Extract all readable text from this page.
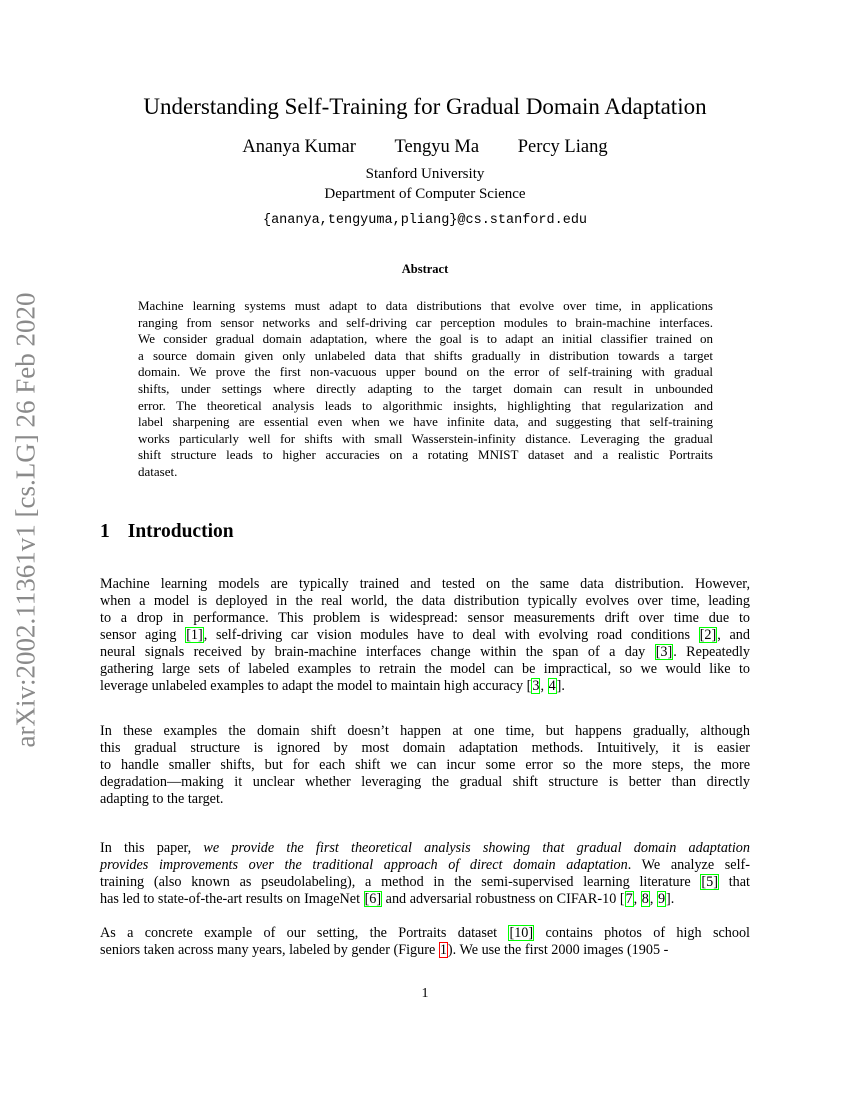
arXiv:2002.11361v1 [cs.LG] 26 Feb 2020
Understanding Self-Training for Gradual Domain Adaptation
Ananya Kumar Tengyu Ma Percy Liang
Stanford University
Department of Computer Science
{ananya,tengyuma,pliang}@cs.stanford.edu
Abstract
Machine learning systems must adapt to data distributions that evolve over time, in applications
ranging from sensor networks and self-driving car perception modules to brain-machine interfaces.
We consider gradual domain adaptation, where the goal is to adapt an initial classifier trained on
a source domain given only unlabeled data that shifts gradually in distribution towards a target
domain. We prove the first non-vacuous upper bound on the error of self-training with gradual
shifts, under settings where directly adapting to the target domain can result in unbounded
error. The theoretical analysis leads to algorithmic insights, highlighting that regularization and
label sharpening are essential even when we have infinite data, and suggesting that self-training
works particularly well for shifts with small Wasserstein-infinity distance. Leveraging the gradual
shift structure leads to higher accuracies on a rotating MNIST dataset and a realistic Portraits
dataset.
1 Introduction
Machine learning models are typically trained and tested on the same data distribution. However,
when a model is deployed in the real world, the data distribution typically evolves over time, leading
to a drop in performance. This problem is widespread: sensor measurements drift over time due to
sensor aging [1], self-driving car vision modules have to deal with evolving road conditions [2], and
neural signals received by brain-machine interfaces change within the span of a day [3]. Repeatedly
gathering large sets of labeled examples to retrain the model can be impractical, so we would like to
leverage unlabeled examples to adapt the model to maintain high accuracy [3, 4].
In these examples the domain shift doesn’t happen at one time, but happens gradually, although
this gradual structure is ignored by most domain adaptation methods. Intuitively, it is easier
to handle smaller shifts, but for each shift we can incur some error so the more steps, the more
degradation—making it unclear whether leveraging the gradual shift structure is better than directly
adapting to the target.
In this paper, we provide the first theoretical analysis showing that gradual domain adaptation
provides improvements over the traditional approach of direct domain adaptation. We analyze self-
training (also known as pseudolabeling), a method in the semi-supervised learning literature [5] that
has led to state-of-the-art results on ImageNet [6] and adversarial robustness on CIFAR-10 [7, 8, 9].
As a concrete example of our setting, the Portraits dataset [10] contains photos of high school
seniors taken across many years, labeled by gender (Figure 1). We use the first 2000 images (1905 -
1
